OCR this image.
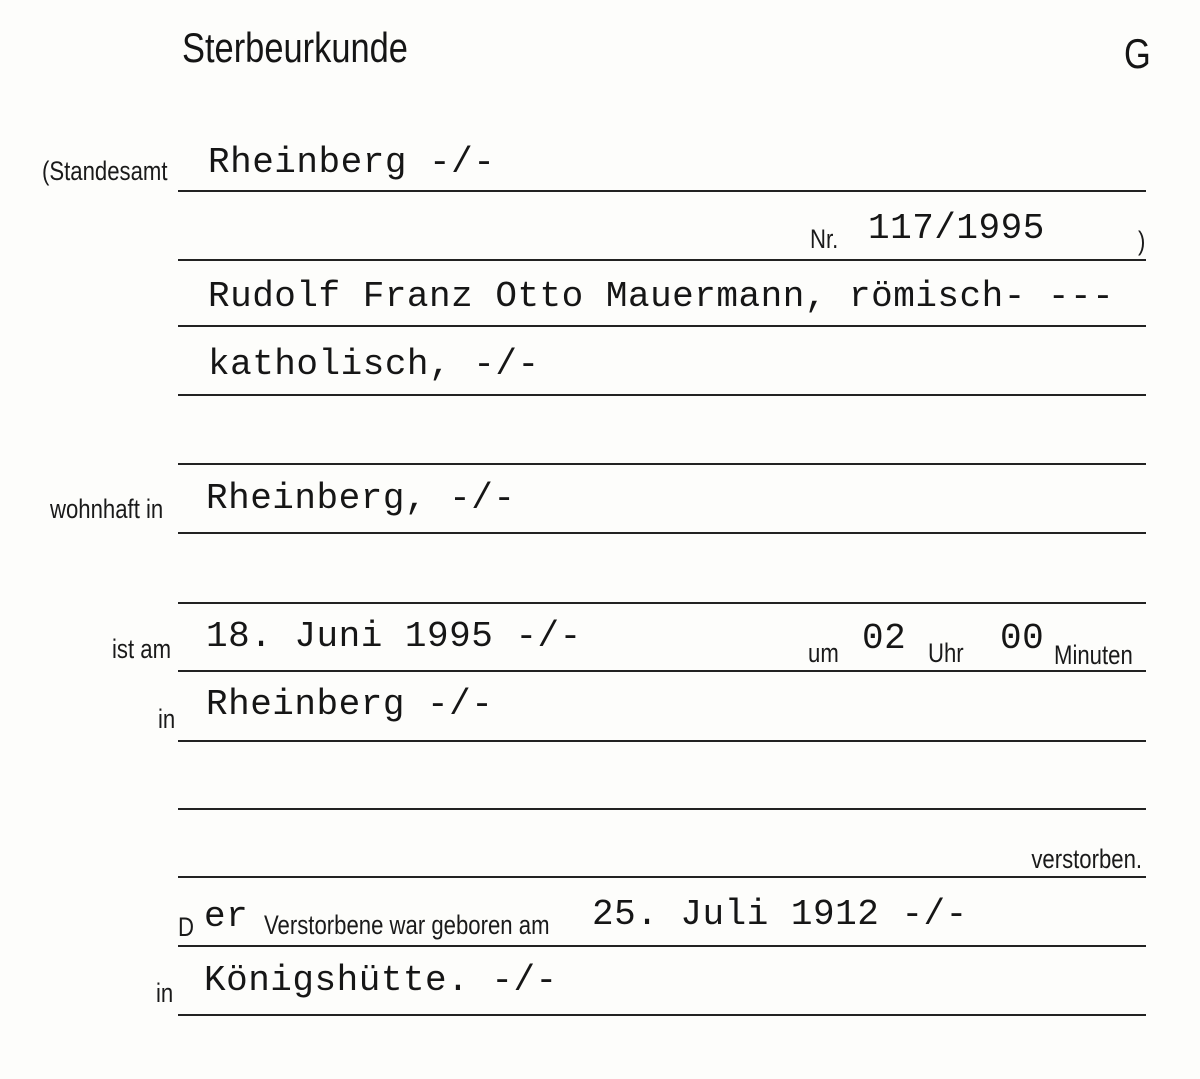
Sterbeurkunde	G
(Standesamt Rheinberg -/-
Nr. 117/1995	)
Rudolf Franz Otto Mauermann, römisch- ---
katholisch, -/-
wohnhaft in Rheinberg, -/-
ist am 18. Juni 1995 -/-	um 02 Uhr 00 Minuten
in Rheinberg -/-
verstorben.
D er Verstorbene war geboren am 25. Juli 1912 -/-
in Königshütte. -/-
